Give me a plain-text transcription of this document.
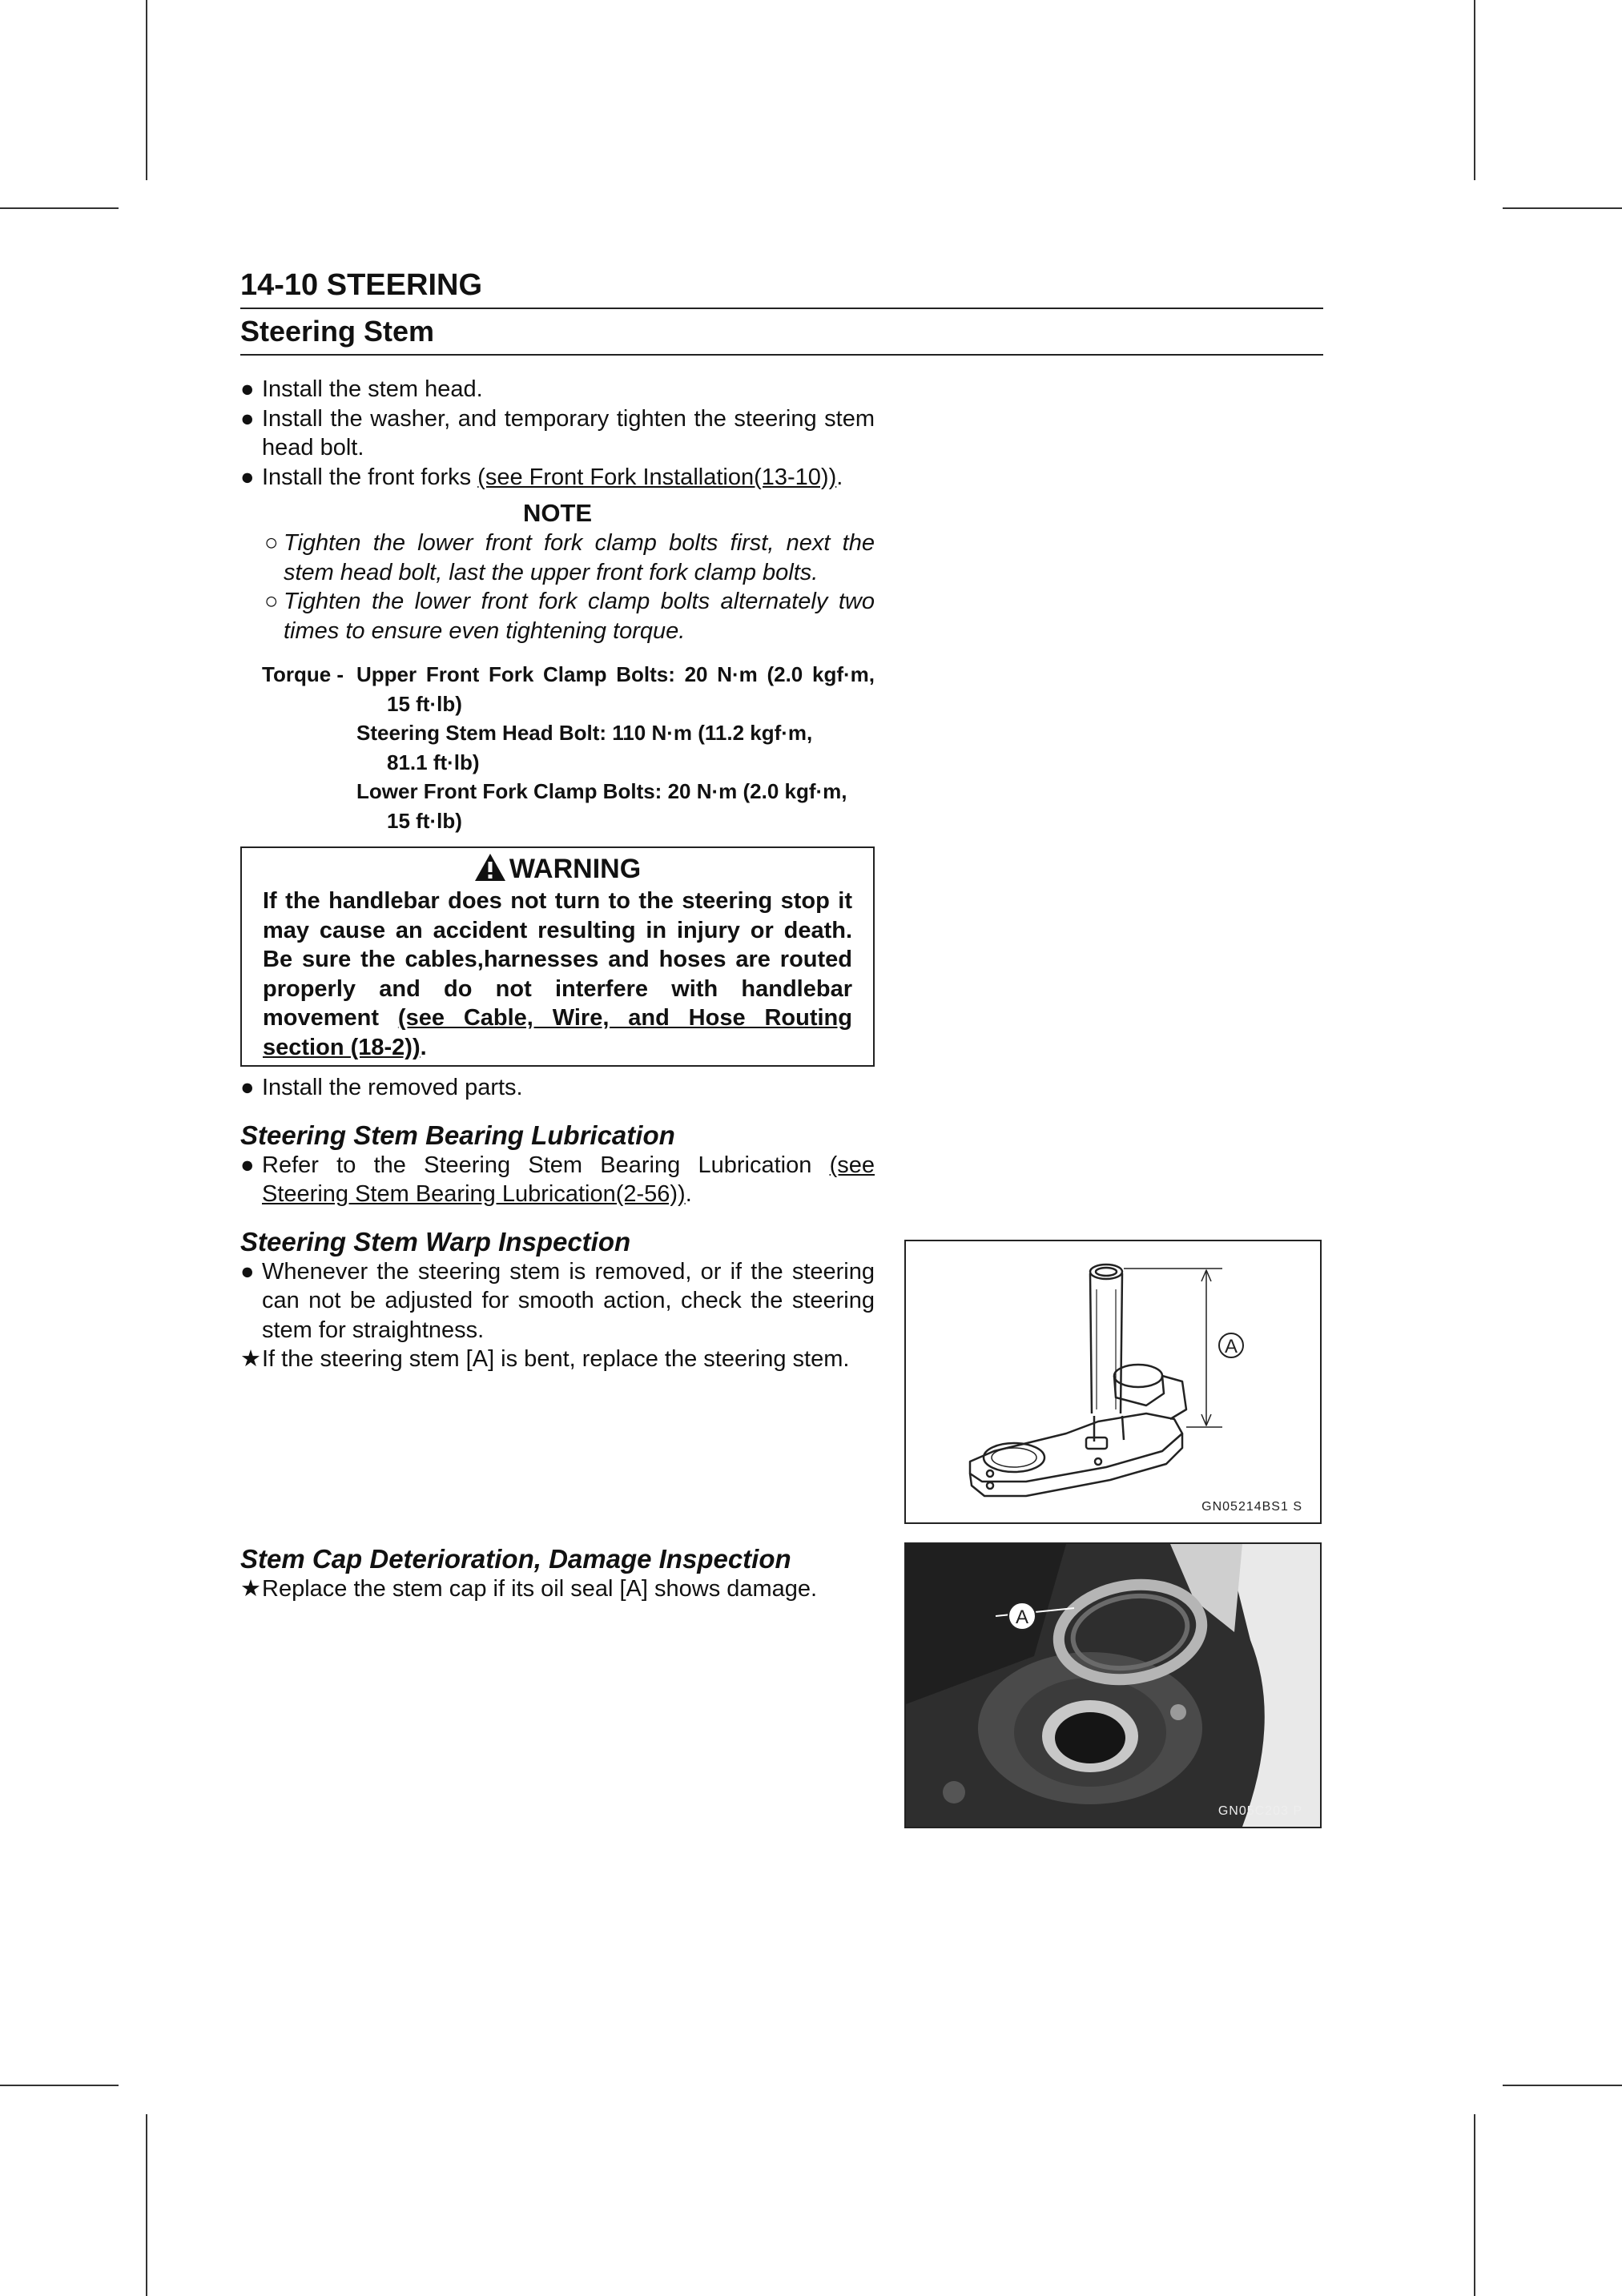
14-10 STEERING
Steering Stem
● Install the stem head.
● Install the washer, and temporary tighten the steering stem head bolt.
● Install the front forks (see Front Fork Installation(13-10)).
NOTE
○ Tighten the lower front fork clamp bolts first, next the stem head bolt, last the upper front fork clamp bolts.
○ Tighten the lower front fork clamp bolts alternately two times to ensure even tightening torque.
Torque - Upper Front Fork Clamp Bolts: 20 N·m (2.0 kgf·m,
15 ft·lb)
Steering Stem Head Bolt: 110 N·m (11.2 kgf·m,
81.1 ft·lb)
Lower Front Fork Clamp Bolts: 20 N·m (2.0 kgf·m,
15 ft·lb)
WARNING
If the handlebar does not turn to the steering stop it may cause an accident resulting in injury or death. Be sure the cables,harnesses and hoses are routed properly and do not interfere with handlebar movement (see Cable, Wire, and Hose Routing section (18-2)).
● Install the removed parts.
Steering Stem Bearing Lubrication
● Refer to the Steering Stem Bearing Lubrication (see Steering Stem Bearing Lubrication(2-56)).
Steering Stem Warp Inspection
● Whenever the steering stem is removed, or if the steering can not be adjusted for smooth action, check the steering stem for straightness.
★ If the steering stem [A] is bent, replace the steering stem.
Stem Cap Deterioration, Damage Inspection
★ Replace the stem cap if its oil seal [A] shows damage.
A
GN05214BS1 S
A
GN05C203 P
